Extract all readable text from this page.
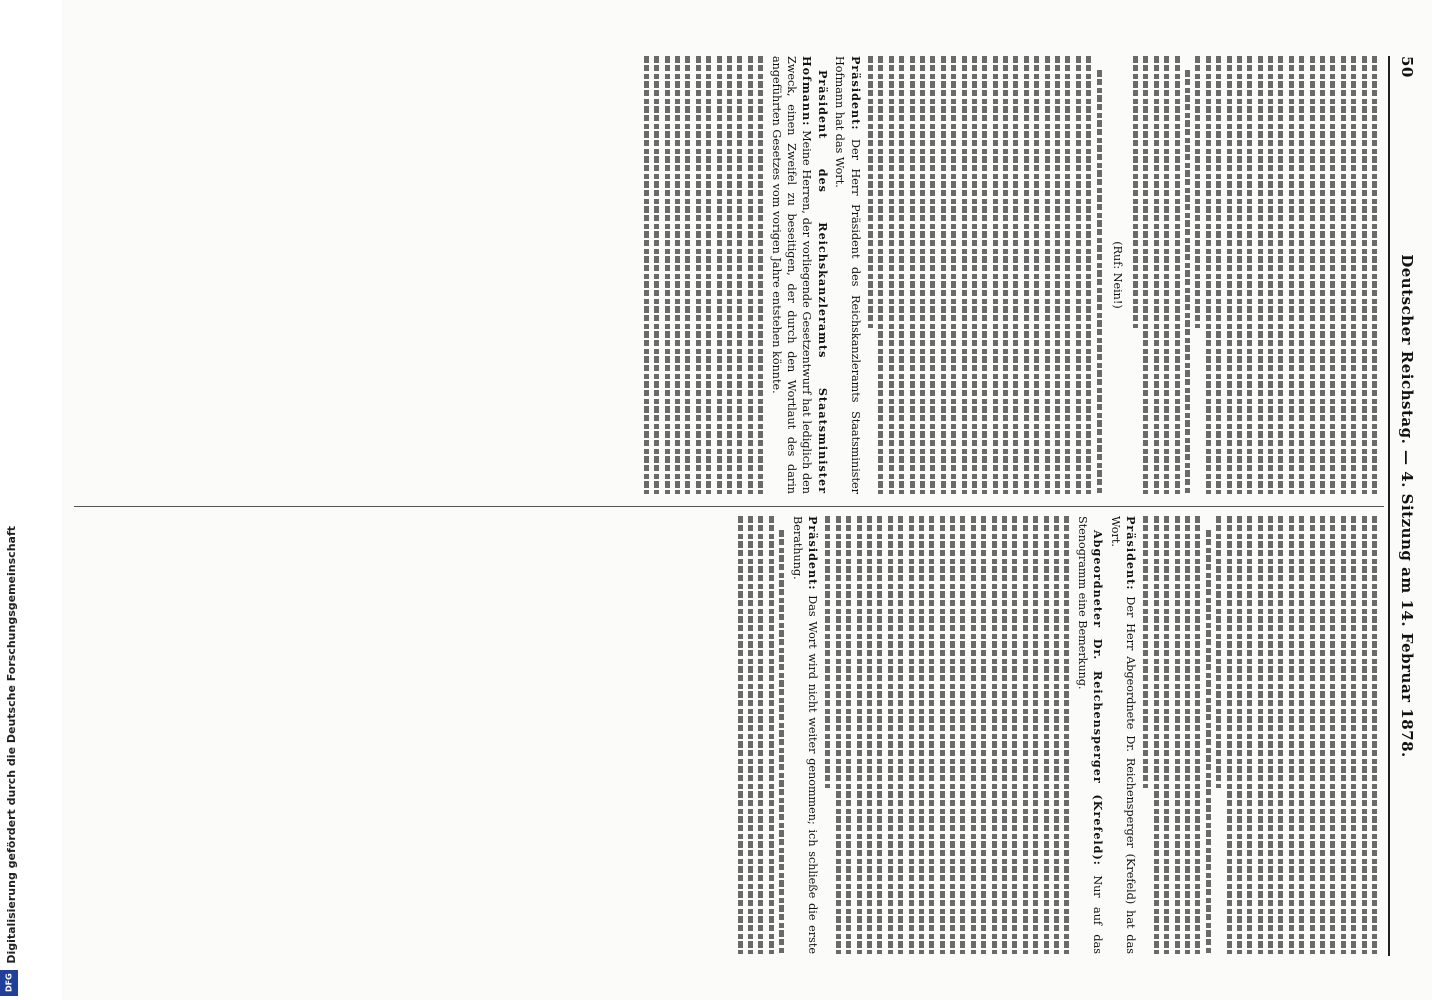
Digitalisierung gefördert durch die Deutsche Forschungsgemeinschaft
DFG
50
Deutscher Reichstag. — 4. Sitzung am 14. Februar 1878.

(Ruf: Nein!)

Präsident: Der Herr Präsident des Reichskanzleramts Staatsminister Hofmann hat das Wort.

Präsident des Reichskanzleramts Staatsminister Hofmann: Meine Herren, der vorliegende Gesetzentwurf hat lediglich den Zweck, einen Zweifel zu beseitigen, der durch den Wortlaut des darin angeführten Gesetzes vom vorigen Jahre entstehen könnte.

Präsident: Der Herr Abgeordnete Dr. Reichensperger (Krefeld) hat das Wort.

Abgeordneter Dr. Reichensperger (Krefeld): Nur auf das Stenogramm eine Bemerkung.

Präsident: Das Wort wird nicht weiter genommen; ich schließe die erste Berathung.
